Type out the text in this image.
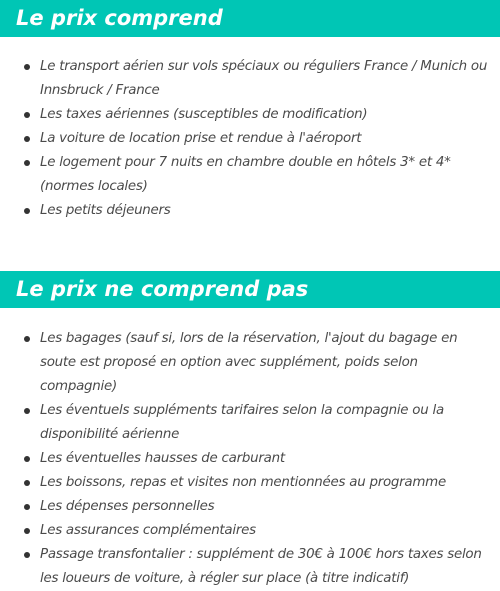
Le prix comprend
Le transport aérien sur vols spéciaux ou réguliers France / Munich ou Innsbruck / France
Les taxes aériennes (susceptibles de modification)
La voiture de location prise et rendue à l'aéroport
Le logement pour 7 nuits en chambre double en hôtels 3* et 4* (normes locales)
Les petits déjeuners
Le prix ne comprend pas
Les bagages (sauf si, lors de la réservation, l'ajout du bagage en soute est proposé en option avec supplément, poids selon compagnie)
Les éventuels suppléments tarifaires selon la compagnie ou la disponibilité aérienne
Les éventuelles hausses de carburant
Les boissons, repas et visites non mentionnées au programme
Les dépenses personnelles
Les assurances complémentaires
Passage transfontalier : supplément de 30€ à 100€ hors taxes selon les loueurs de voiture, à régler sur place (à titre indicatif)
